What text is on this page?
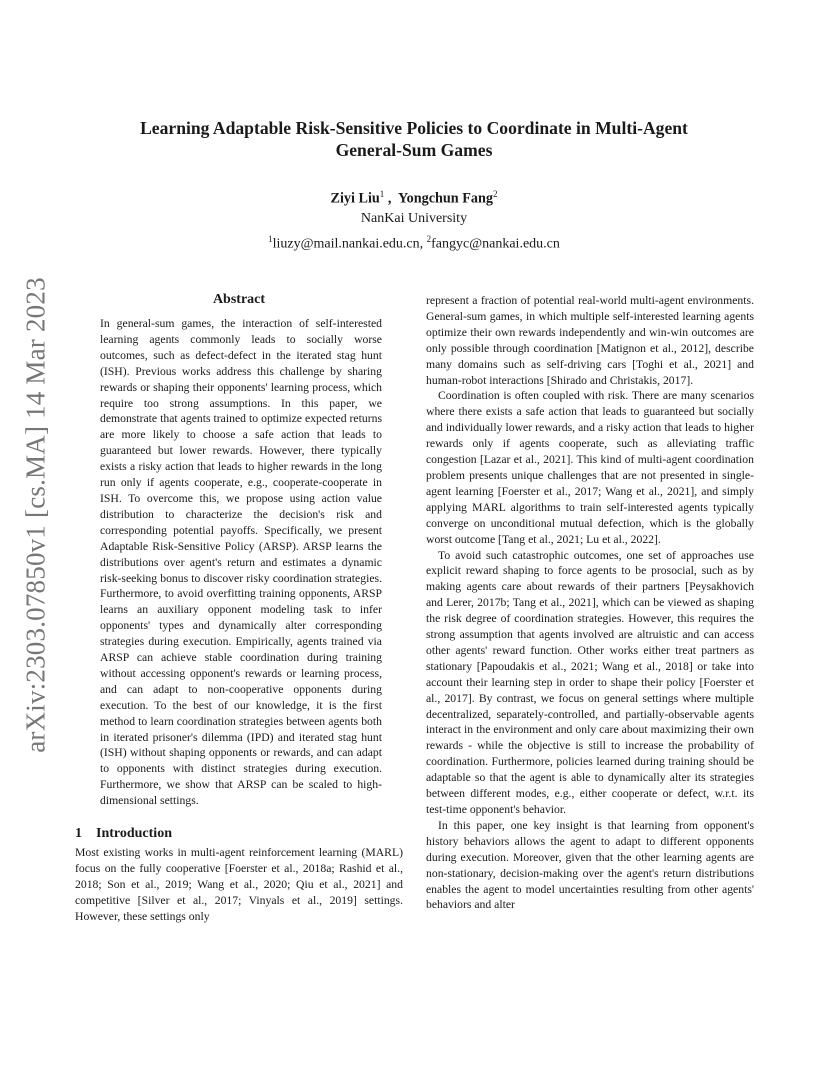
arXiv:2303.07850v1 [cs.MA] 14 Mar 2023
Learning Adaptable Risk-Sensitive Policies to Coordinate in Multi-Agent
General-Sum Games
Ziyi Liu$^1$ ,  Yongchun Fang$^2$
NanKai University
$^1$liuzy@mail.nankai.edu.cn, $^2$fangyc@nankai.edu.cn
Abstract

In general-sum games, the interaction of self-interested learning agents commonly leads to socially worse outcomes, such as defect-defect in the iterated stag hunt (ISH). Previous works address this challenge by sharing rewards or shaping their opponents' learning process, which require too strong assumptions. In this paper, we demonstrate that agents trained to optimize expected returns are more likely to choose a safe action that leads to guaranteed but lower rewards. However, there typically exists a risky action that leads to higher rewards in the long run only if agents cooperate, e.g., cooperate-cooperate in ISH. To overcome this, we propose using action value distribution to characterize the decision's risk and corresponding potential payoffs. Specifically, we present Adaptable Risk-Sensitive Policy (ARSP). ARSP learns the distributions over agent's return and estimates a dynamic risk-seeking bonus to discover risky coordination strategies. Furthermore, to avoid overfitting training opponents, ARSP learns an auxiliary opponent modeling task to infer opponents' types and dynamically alter corresponding strategies during execution. Empirically, agents trained via ARSP can achieve stable coordination during training without accessing opponent's rewards or learning process, and can adapt to non-cooperative opponents during execution. To the best of our knowledge, it is the first method to learn coordination strategies between agents both in iterated prisoner's dilemma (IPD) and iterated stag hunt (ISH) without shaping opponents or rewards, and can adapt to opponents with distinct strategies during execution. Furthermore, we show that ARSP can be scaled to high-dimensional settings.

1 Introduction

Most existing works in multi-agent reinforcement learning (MARL) focus on the fully cooperative [Foerster et al., 2018a; Rashid et al., 2018; Son et al., 2019; Wang et al., 2020; Qiu et al., 2021] and competitive [Silver et al., 2017; Vinyals et al., 2019] settings. However, these settings only

represent a fraction of potential real-world multi-agent environments. General-sum games, in which multiple self-interested learning agents optimize their own rewards independently and win-win outcomes are only possible through coordination [Matignon et al., 2012], describe many domains such as self-driving cars [Toghi et al., 2021] and human-robot interactions [Shirado and Christakis, 2017].

Coordination is often coupled with risk. There are many scenarios where there exists a safe action that leads to guaranteed but socially and individually lower rewards, and a risky action that leads to higher rewards only if agents cooperate, such as alleviating traffic congestion [Lazar et al., 2021]. This kind of multi-agent coordination problem presents unique challenges that are not presented in single-agent learning [Foerster et al., 2017; Wang et al., 2021], and simply applying MARL algorithms to train self-interested agents typically converge on unconditional mutual defection, which is the globally worst outcome [Tang et al., 2021; Lu et al., 2022].

To avoid such catastrophic outcomes, one set of approaches use explicit reward shaping to force agents to be prosocial, such as by making agents care about rewards of their partners [Peysakhovich and Lerer, 2017b; Tang et al., 2021], which can be viewed as shaping the risk degree of coordination strategies. However, this requires the strong assumption that agents involved are altruistic and can access other agents' reward function. Other works either treat partners as stationary [Papoudakis et al., 2021; Wang et al., 2018] or take into account their learning step in order to shape their policy [Foerster et al., 2017]. By contrast, we focus on general settings where multiple decentralized, separately-controlled, and partially-observable agents interact in the environment and only care about maximizing their own rewards - while the objective is still to increase the probability of coordination. Furthermore, policies learned during training should be adaptable so that the agent is able to dynamically alter its strategies between different modes, e.g., either cooperate or defect, w.r.t. its test-time opponent's behavior.

In this paper, one key insight is that learning from opponent's history behaviors allows the agent to adapt to different opponents during execution. Moreover, given that the other learning agents are non-stationary, decision-making over the agent's return distributions enables the agent to model uncertainties resulting from other agents' behaviors and alter
